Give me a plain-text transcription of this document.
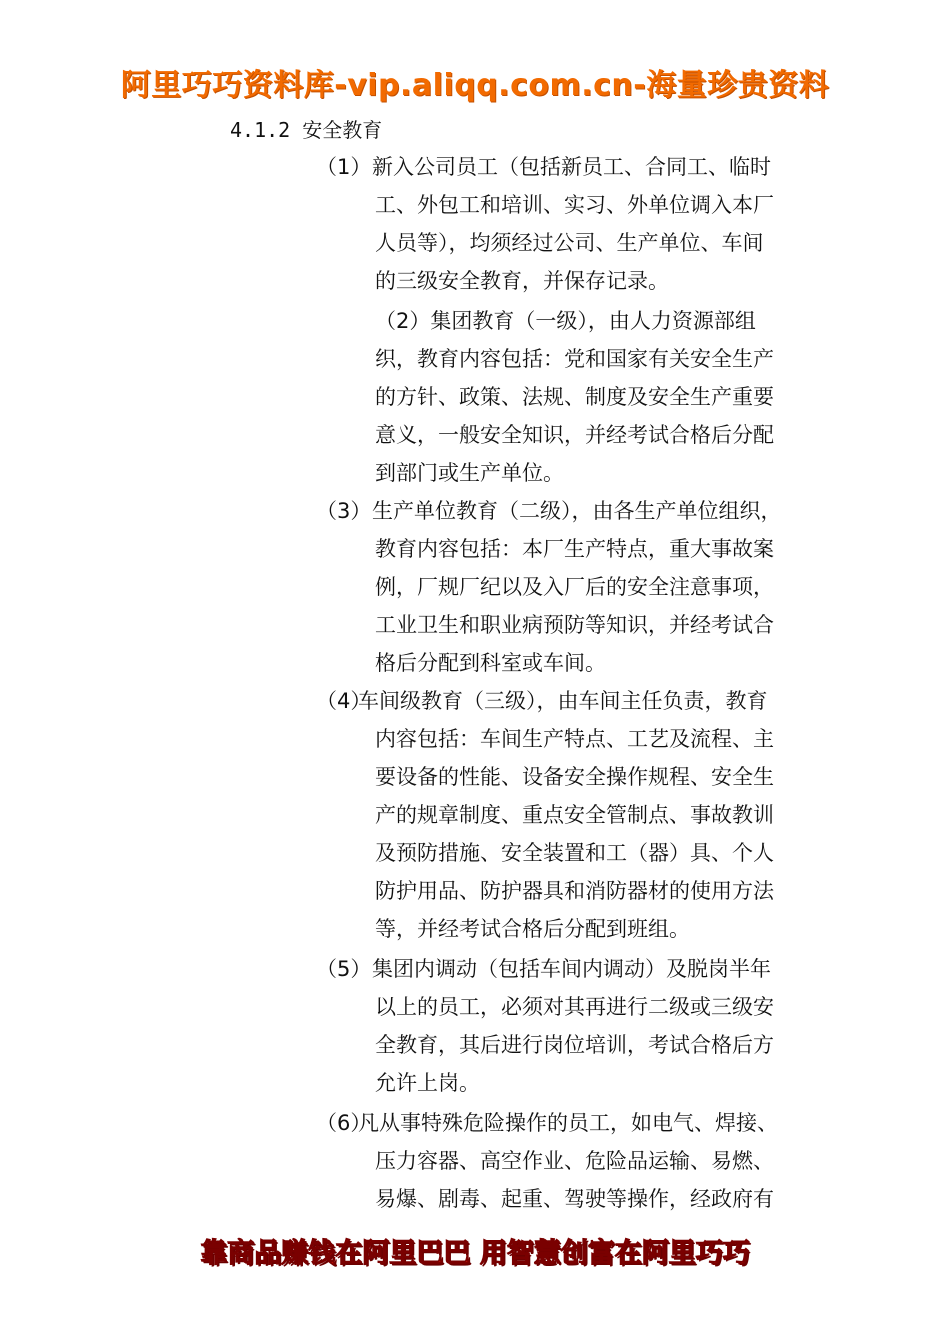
阿里巧巧资料库-vip.aliqq.com.cn-海量珍贵资料
4.1.2 安全教育
（1） 新入公司员工（包括新员工、合同工、临时
工、外包工和培训、实习、外单位调入本厂
人员等），均须经过公司、生产单位、车间
的三级安全教育，并保存记录。
（2）集团教育（一级），由人力资源部组
织，教育内容包括：党和国家有关安全生产
的方针、政策、法规、制度及安全生产重要
意义，一般安全知识，并经考试合格后分配
到部门或生产单位。
（3） 生产单位教育（二级），由各生产单位组织，
教育内容包括：本厂生产特点，重大事故案
例，厂规厂纪以及入厂后的安全注意事项，
工业卫生和职业病预防等知识，并经考试合
格后分配到科室或车间。
（4）
车间级教育（三级），由车间主任负责，教育
内容包括：车间生产特点、工艺及流程、主
要设备的性能、设备安全操作规程、安全生
产的规章制度、重点安全管制点、事故教训
及预防措施、安全装置和工（器）具、个人
防护用品、防护器具和消防器材的使用方法
等，并经考试合格后分配到班组。
（5） 集团内调动（包括车间内调动）及脱岗半年
以上的员工，必须对其再进行二级或三级安
全教育，其后进行岗位培训，考试合格后方
允许上岗。
（6）
凡从事特殊危险操作的员工，如电气、焊接、
压力容器、高空作业、危险品运输、易燃、
易爆、剧毒、起重、驾驶等操作，经政府有
靠商品赚钱在阿里巴巴 用智慧创富在阿里巧巧
